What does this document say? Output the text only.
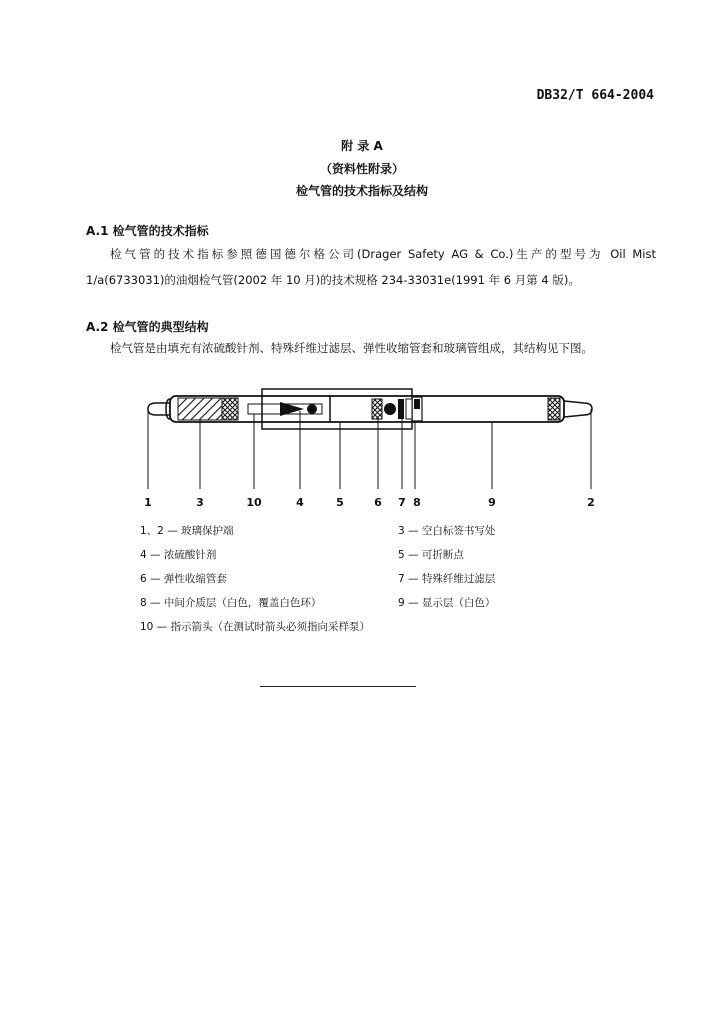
DB32/T 664-2004
附 录 A
（资料性附录）
检气管的技术指标及结构
A.1 检气管的技术指标
检气管的技术指标参照德国德尔格公司(Drager Safety AG & Co.)生产的型号为 Oil Mist
1/a(6733031)的油烟检气管(2002 年 10 月)的技术规格 234-33031e(1991 年 6 月第 4 版)。
A.2 检气管的典型结构
检气管是由填充有浓硫酸针剂、特殊纤维过滤层、弹性收缩管套和玻璃管组成，其结构见下图。
1	3	10	4	5	6 7 8	9	2
1、2 — 玻璃保护端
4 — 浓硫酸针剂
6 — 弹性收缩管套
8 — 中间介质层（白色，覆盖白色环）
10 — 指示箭头（在测试时箭头必须指向采样泵）
3 — 空白标签书写处
5 — 可折断点
7 — 特殊纤维过滤层
9 — 显示层（白色）
